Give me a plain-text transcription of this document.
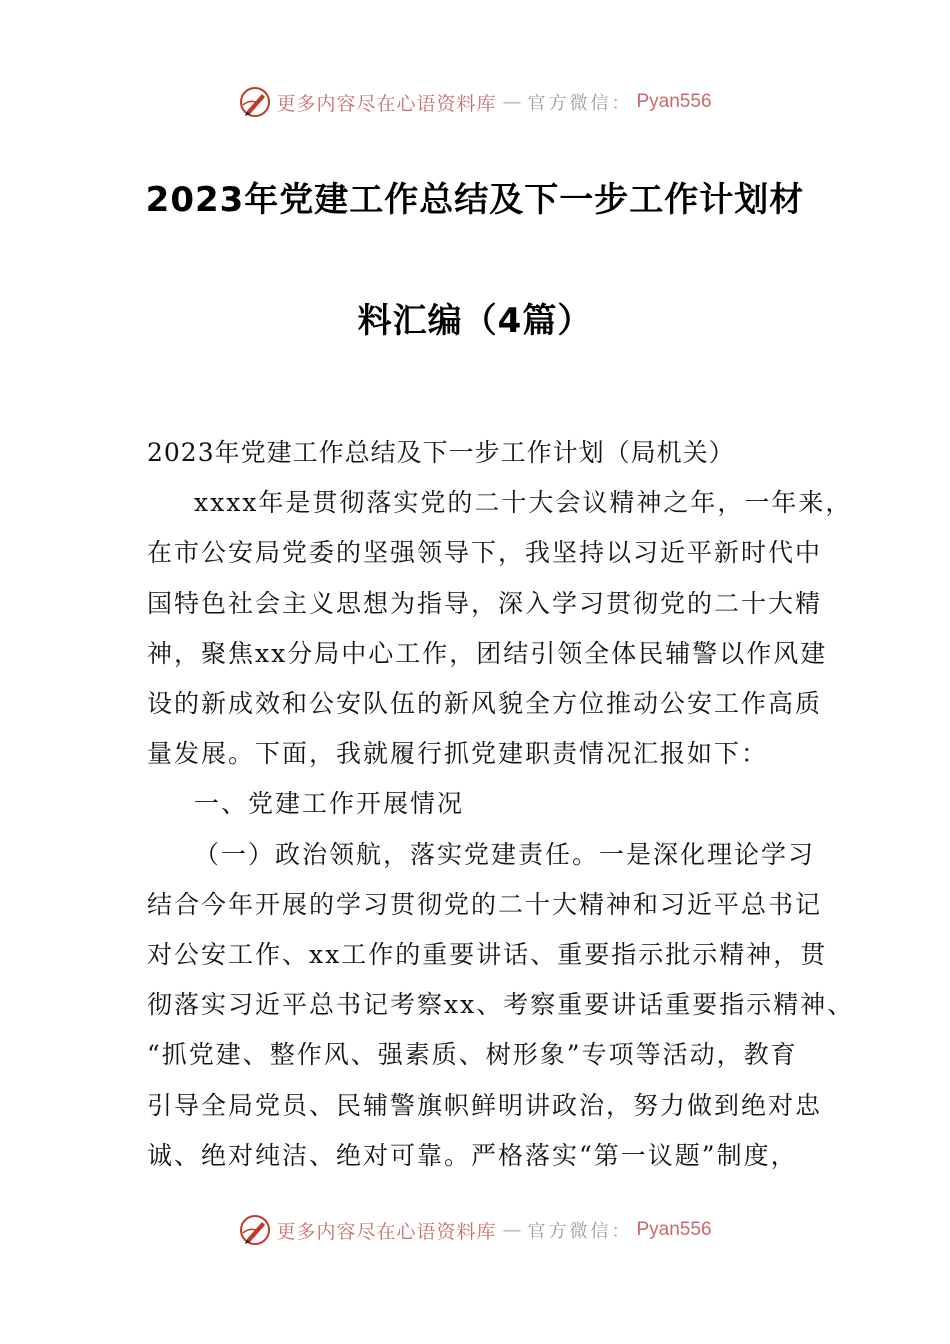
更多内容尽在心语资料库 — 官方微信： Pyan556
2023年党建工作总结及下一步工作计划材
料汇编（4篇）
2023年党建工作总结及下一步工作计划（局机关）
xxxx年是贯彻落实党的二十大会议精神之年，一年来，
在市公安局党委的坚强领导下，我坚持以习近平新时代中
国特色社会主义思想为指导，深入学习贯彻党的二十大精
神，聚焦xx分局中心工作，团结引领全体民辅警以作风建
设的新成效和公安队伍的新风貌全方位推动公安工作高质
量发展。下面，我就履行抓党建职责情况汇报如下：
一、党建工作开展情况
（一）政治领航，落实党建责任。一是深化理论学习
结合今年开展的学习贯彻党的二十大精神和习近平总书记
对公安工作、xx工作的重要讲话、重要指示批示精神，贯
彻落实习近平总书记考察xx、考察重要讲话重要指示精神、
“抓党建、整作风、强素质、树形象”专项等活动，教育
引导全局党员、民辅警旗帜鲜明讲政治，努力做到绝对忠
诚、绝对纯洁、绝对可靠。严格落实“第一议题”制度，
更多内容尽在心语资料库 — 官方微信： Pyan556
